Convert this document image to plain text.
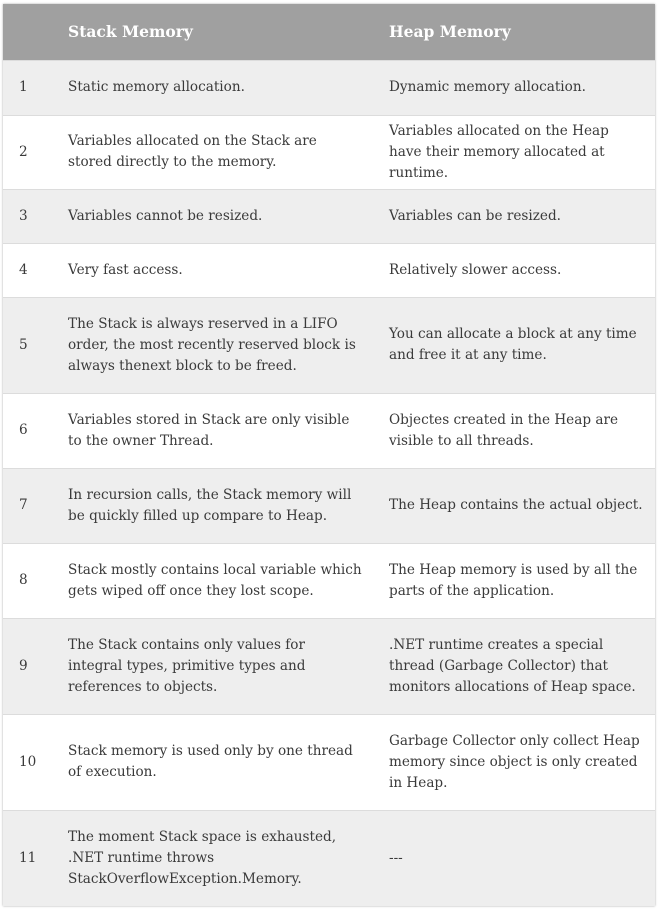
	Stack Memory	Heap Memory
1	Static memory allocation.	Dynamic memory allocation.
2	Variables allocated on the Stack are stored directly to the memory.	Variables allocated on the Heap have their memory allocated at runtime.
3	Variables cannot be resized.	Variables can be resized.
4	Very fast access.	Relatively slower access.
5	The Stack is always reserved in a LIFO order, the most recently reserved block is always thenext block to be freed.	You can allocate a block at any time and free it at any time.
6	Variables stored in Stack are only visible to the owner Thread.	Objectes created in the Heap are visible to all threads.
7	In recursion calls, the Stack memory will be quickly filled up compare to Heap.	The Heap contains the actual object.
8	Stack mostly contains local variable which gets wiped off once they lost scope.	The Heap memory is used by all the parts of the application.
9	The Stack contains only values for integral types, primitive types and references to objects.	.NET runtime creates a special thread (Garbage Collector) that monitors allocations of Heap space.
10	Stack memory is used only by one thread of execution.	Garbage Collector only collect Heap memory since object is only created in Heap.
11	The moment Stack space is exhausted, .NET runtime throws StackOverflowException.Memory.	---
